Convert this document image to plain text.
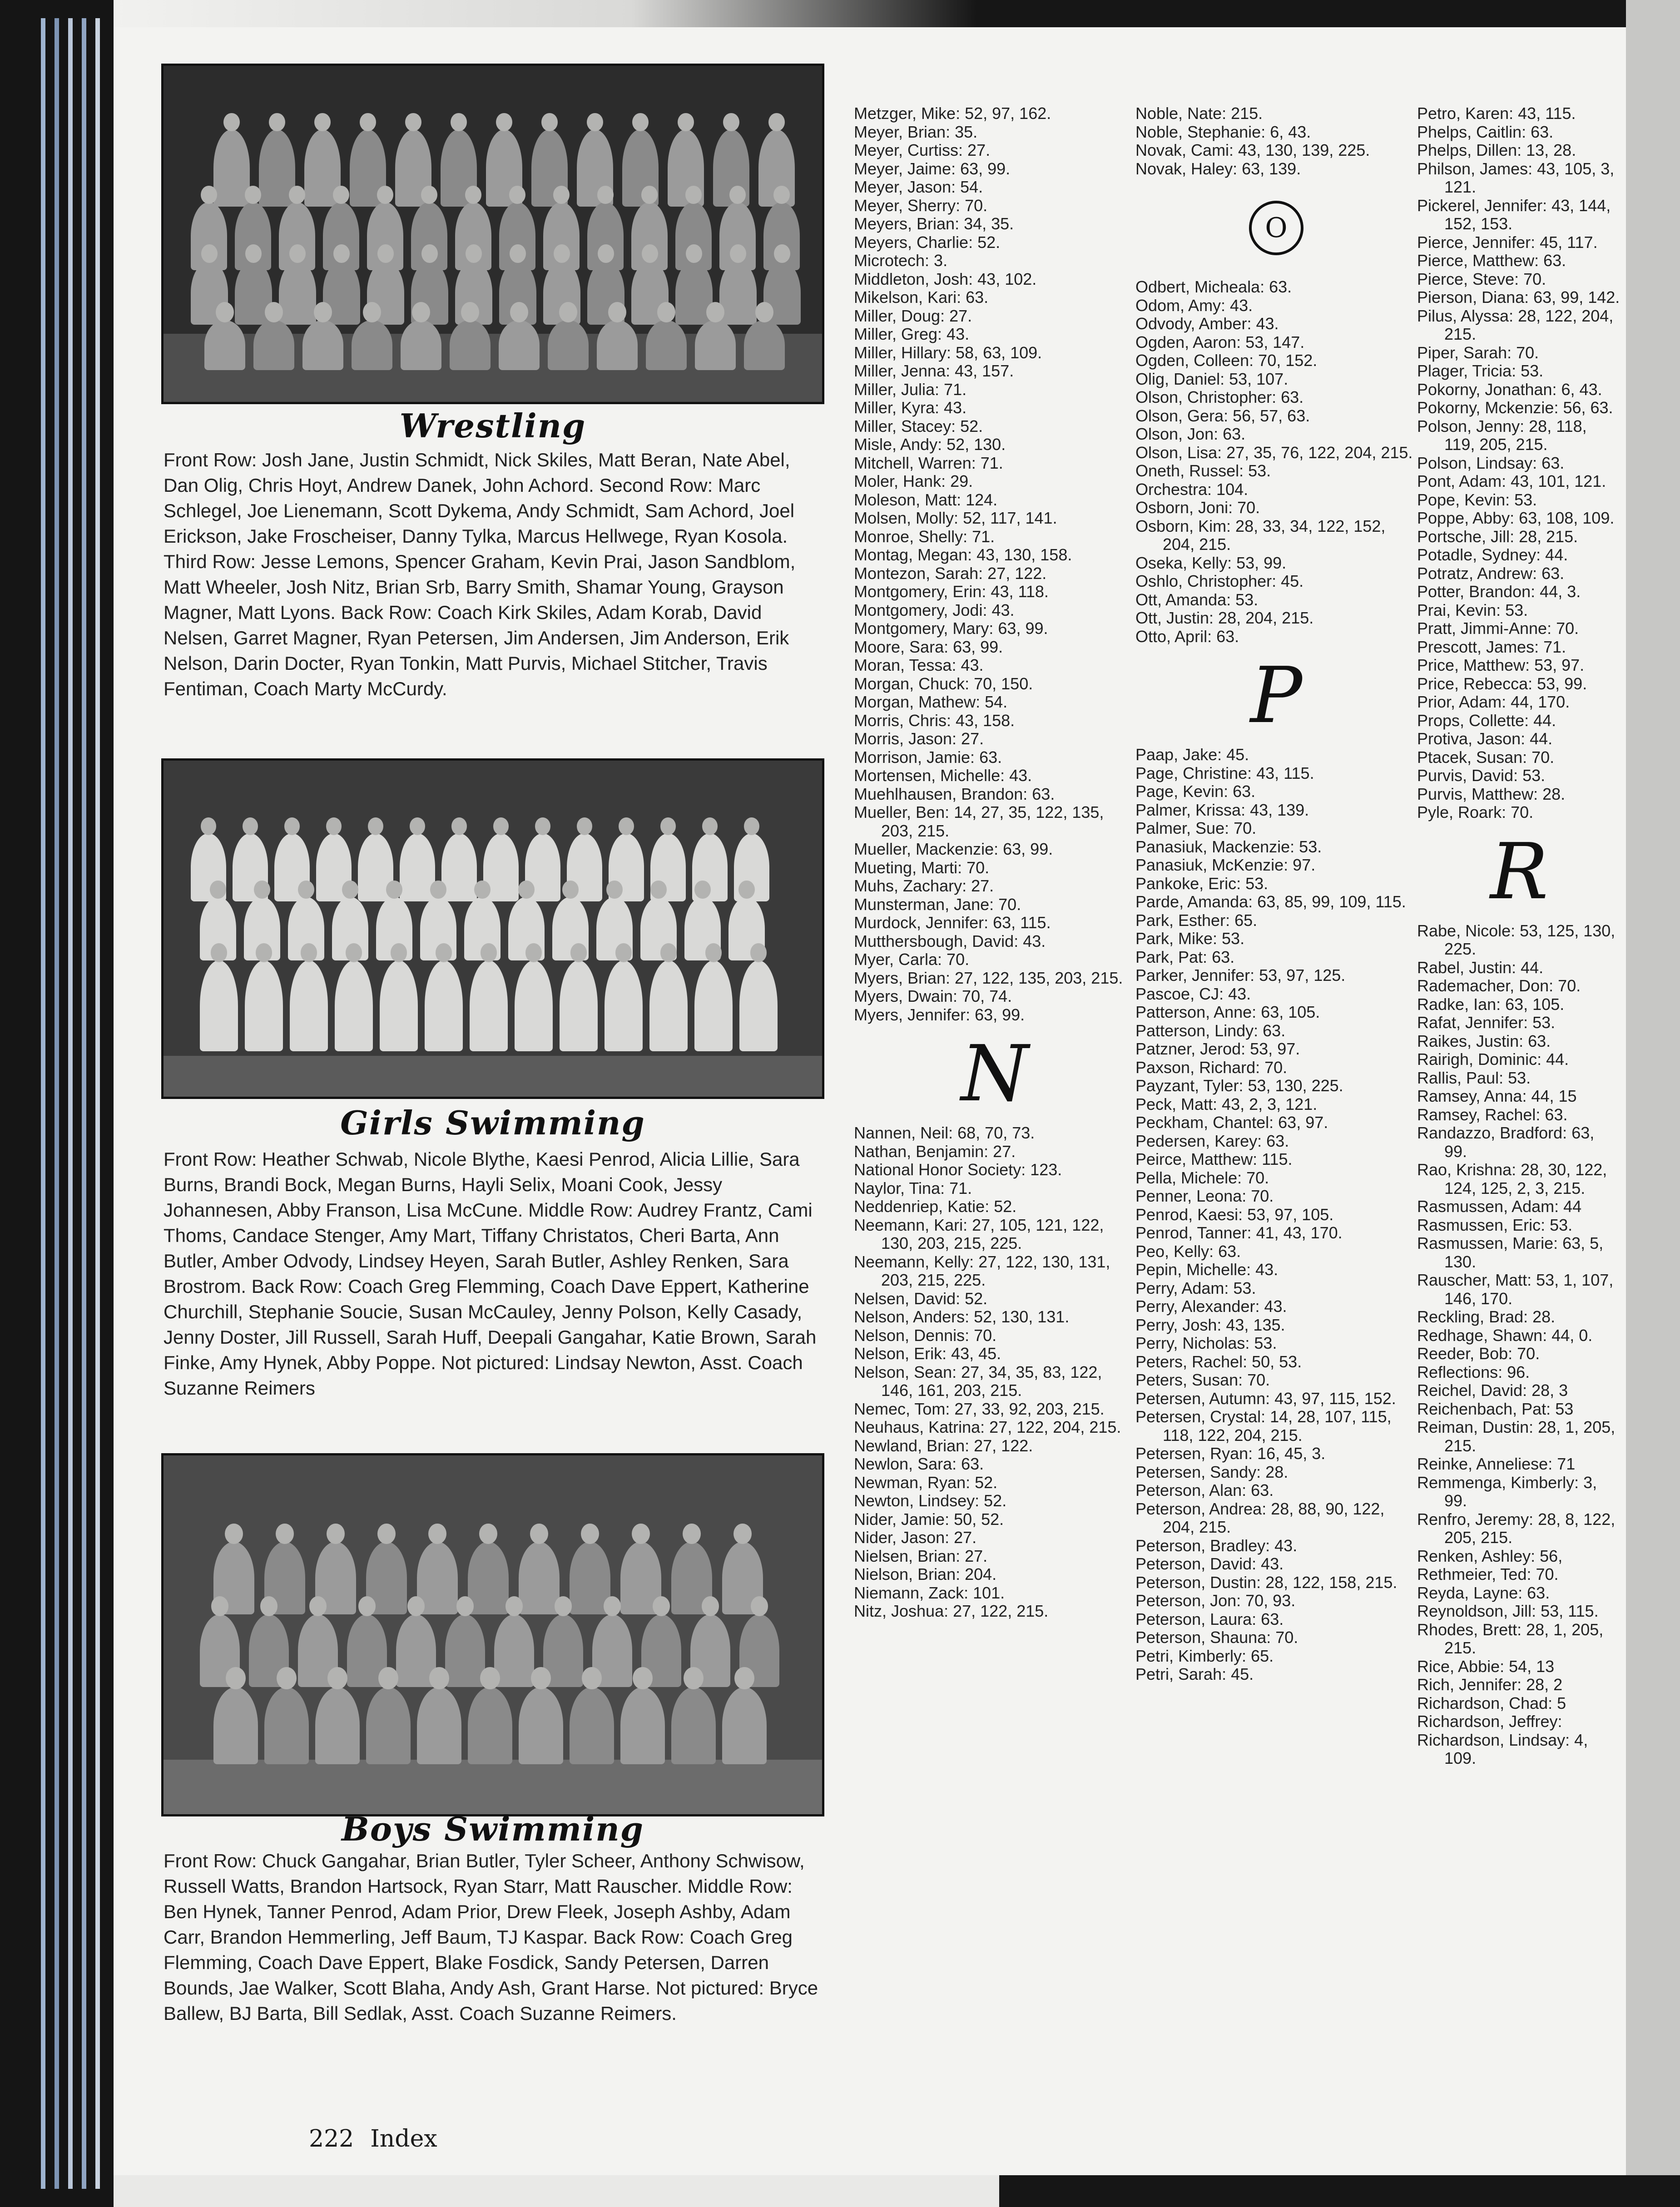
Wrestling
Front Row: Josh Jane, Justin Schmidt, Nick Skiles, Matt Beran, Nate Abel, Dan Olig, Chris Hoyt, Andrew Danek, John Achord. Second Row: Marc Schlegel, Joe Lienemann, Scott Dykema, Andy Schmidt, Sam Achord, Joel Erickson, Jake Froscheiser, Danny Tylka, Marcus Hellwege, Ryan Kosola. Third Row: Jesse Lemons, Spencer Graham, Kevin Prai, Jason Sandblom, Matt Wheeler, Josh Nitz, Brian Srb, Barry Smith, Shamar Young, Grayson Magner, Matt Lyons. Back Row: Coach Kirk Skiles, Adam Korab, David Nelsen, Garret Magner, Ryan Petersen, Jim Andersen, Jim Anderson, Erik Nelson, Darin Docter, Ryan Tonkin, Matt Purvis, Michael Stitcher, Travis Fentiman, Coach Marty McCurdy.
Girls Swimming
Front Row: Heather Schwab, Nicole Blythe, Kaesi Penrod, Alicia Lillie, Sara Burns, Brandi Bock, Megan Burns, Hayli Selix, Moani Cook, Jessy Johannesen, Abby Franson, Lisa McCune. Middle Row: Audrey Frantz, Cami Thoms, Candace Stenger, Amy Mart, Tiffany Christatos, Cheri Barta, Ann Butler, Amber Odvody, Lindsey Heyen, Sarah Butler, Ashley Renken, Sara Brostrom. Back Row: Coach Greg Flemming, Coach Dave Eppert, Katherine Churchill, Stephanie Soucie, Susan McCauley, Jenny Polson, Kelly Casady, Jenny Doster, Jill Russell, Sarah Huff, Deepali Gangahar, Katie Brown, Sarah Finke, Amy Hynek, Abby Poppe. Not pictured: Lindsay Newton, Asst. Coach Suzanne Reimers
Boys Swimming
Front Row: Chuck Gangahar, Brian Butler, Tyler Scheer, Anthony Schwisow, Russell Watts, Brandon Hartsock, Ryan Starr, Matt Rauscher. Middle Row: Ben Hynek, Tanner Penrod, Adam Prior, Drew Fleek, Joseph Ashby, Adam Carr, Brandon Hemmerling, Jeff Baum, TJ Kaspar. Back Row: Coach Greg Flemming, Coach Dave Eppert, Blake Fosdick, Sandy Petersen, Darren Bounds, Jae Walker, Scott Blaha, Andy Ash, Grant Harse. Not pictured: Bryce Ballew, BJ Barta, Bill Sedlak, Asst. Coach Suzanne Reimers.
Metzger, Mike: 52, 97, 162.
Meyer, Brian: 35.
Meyer, Curtiss: 27.
Meyer, Jaime: 63, 99.
Meyer, Jason: 54.
Meyer, Sherry: 70.
Meyers, Brian: 34, 35.
Meyers, Charlie: 52.
Microtech: 3.
Middleton, Josh: 43, 102.
Mikelson, Kari: 63.
Miller, Doug: 27.
Miller, Greg: 43.
Miller, Hillary: 58, 63, 109.
Miller, Jenna: 43, 157.
Miller, Julia: 71.
Miller, Kyra: 43.
Miller, Stacey: 52.
Misle, Andy: 52, 130.
Mitchell, Warren: 71.
Moler, Hank: 29.
Moleson, Matt: 124.
Molsen, Molly: 52, 117, 141.
Monroe, Shelly: 71.
Montag, Megan: 43, 130, 158.
Montezon, Sarah: 27, 122.
Montgomery, Erin: 43, 118.
Montgomery, Jodi: 43.
Montgomery, Mary: 63, 99.
Moore, Sara: 63, 99.
Moran, Tessa: 43.
Morgan, Chuck: 70, 150.
Morgan, Mathew: 54.
Morris, Chris: 43, 158.
Morris, Jason: 27.
Morrison, Jamie: 63.
Mortensen, Michelle: 43.
Muehlhausen, Brandon: 63.
Mueller, Ben: 14, 27, 35, 122, 135, 203, 215.
Mueller, Mackenzie: 63, 99.
Mueting, Marti: 70.
Muhs, Zachary: 27.
Munsterman, Jane: 70.
Murdock, Jennifer: 63, 115.
Mutthersbough, David: 43.
Myer, Carla: 70.
Myers, Brian: 27, 122, 135, 203, 215.
Myers, Dwain: 70, 74.
Myers, Jennifer: 63, 99.
N
Nannen, Neil: 68, 70, 73.
Nathan, Benjamin: 27.
National Honor Society: 123.
Naylor, Tina: 71.
Neddenriep, Katie: 52.
Neemann, Kari: 27, 105, 121, 122, 130, 203, 215, 225.
Neemann, Kelly: 27, 122, 130, 131, 203, 215, 225.
Nelsen, David: 52.
Nelson, Anders: 52, 130, 131.
Nelson, Dennis: 70.
Nelson, Erik: 43, 45.
Nelson, Sean: 27, 34, 35, 83, 122, 146, 161, 203, 215.
Nemec, Tom: 27, 33, 92, 203, 215.
Neuhaus, Katrina: 27, 122, 204, 215.
Newland, Brian: 27, 122.
Newlon, Sara: 63.
Newman, Ryan: 52.
Newton, Lindsey: 52.
Nider, Jamie: 50, 52.
Nider, Jason: 27.
Nielsen, Brian: 27.
Nielson, Brian: 204.
Niemann, Zack: 101.
Nitz, Joshua: 27, 122, 215.
Noble, Nate: 215.
Noble, Stephanie: 6, 43.
Novak, Cami: 43, 130, 139, 225.
Novak, Haley: 63, 139.
O
Odbert, Micheala: 63.
Odom, Amy: 43.
Odvody, Amber: 43.
Ogden, Aaron: 53, 147.
Ogden, Colleen: 70, 152.
Olig, Daniel: 53, 107.
Olson, Christopher: 63.
Olson, Gera: 56, 57, 63.
Olson, Jon: 63.
Olson, Lisa: 27, 35, 76, 122, 204, 215.
Oneth, Russel: 53.
Orchestra: 104.
Osborn, Joni: 70.
Osborn, Kim: 28, 33, 34, 122, 152, 204, 215.
Oseka, Kelly: 53, 99.
Oshlo, Christopher: 45.
Ott, Amanda: 53.
Ott, Justin: 28, 204, 215.
Otto, April: 63.
P
Paap, Jake: 45.
Page, Christine: 43, 115.
Page, Kevin: 63.
Palmer, Krissa: 43, 139.
Palmer, Sue: 70.
Panasiuk, Mackenzie: 53.
Panasiuk, McKenzie: 97.
Pankoke, Eric: 53.
Parde, Amanda: 63, 85, 99, 109, 115.
Park, Esther: 65.
Park, Mike: 53.
Park, Pat: 63.
Parker, Jennifer: 53, 97, 125.
Pascoe, CJ: 43.
Patterson, Anne: 63, 105.
Patterson, Lindy: 63.
Patzner, Jerod: 53, 97.
Paxson, Richard: 70.
Payzant, Tyler: 53, 130, 225.
Peck, Matt: 43, 2, 3, 121.
Peckham, Chantel: 63, 97.
Pedersen, Karey: 63.
Peirce, Matthew: 115.
Pella, Michele: 70.
Penner, Leona: 70.
Penrod, Kaesi: 53, 97, 105.
Penrod, Tanner: 41, 43, 170.
Peo, Kelly: 63.
Pepin, Michelle: 43.
Perry, Adam: 53.
Perry, Alexander: 43.
Perry, Josh: 43, 135.
Perry, Nicholas: 53.
Peters, Rachel: 50, 53.
Peters, Susan: 70.
Petersen, Autumn: 43, 97, 115, 152.
Petersen, Crystal: 14, 28, 107, 115, 118, 122, 204, 215.
Petersen, Ryan: 16, 45, 3.
Petersen, Sandy: 28.
Peterson, Alan: 63.
Peterson, Andrea: 28, 88, 90, 122, 204, 215.
Peterson, Bradley: 43.
Peterson, David: 43.
Peterson, Dustin: 28, 122, 158, 215.
Peterson, Jon: 70, 93.
Peterson, Laura: 63.
Peterson, Shauna: 70.
Petri, Kimberly: 65.
Petri, Sarah: 45.
Petro, Karen: 43, 115.
Phelps, Caitlin: 63.
Phelps, Dillen: 13, 28.
Philson, James: 43, 105, 3, 121.
Pickerel, Jennifer: 43, 144, 152, 153.
Pierce, Jennifer: 45, 117.
Pierce, Matthew: 63.
Pierce, Steve: 70.
Pierson, Diana: 63, 99, 142.
Pilus, Alyssa: 28, 122, 204, 215.
Piper, Sarah: 70.
Plager, Tricia: 53.
Pokorny, Jonathan: 6, 43.
Pokorny, Mckenzie: 56, 63.
Polson, Jenny: 28, 118, 119, 205, 215.
Polson, Lindsay: 63.
Pont, Adam: 43, 101, 121.
Pope, Kevin: 53.
Poppe, Abby: 63, 108, 109.
Portsche, Jill: 28, 215.
Potadle, Sydney: 44.
Potratz, Andrew: 63.
Potter, Brandon: 44, 3.
Prai, Kevin: 53.
Pratt, Jimmi-Anne: 70.
Prescott, James: 71.
Price, Matthew: 53, 97.
Price, Rebecca: 53, 99.
Prior, Adam: 44, 170.
Props, Collette: 44.
Protiva, Jason: 44.
Ptacek, Susan: 70.
Purvis, David: 53.
Purvis, Matthew: 28.
Pyle, Roark: 70.
R
Rabe, Nicole: 53, 125, 130, 225.
Rabel, Justin: 44.
Rademacher, Don: 70.
Radke, Ian: 63, 105.
Rafat, Jennifer: 53.
Raikes, Justin: 63.
Rairigh, Dominic: 44.
Rallis, Paul: 53.
Ramsey, Anna: 44, 15
Ramsey, Rachel: 63.
Randazzo, Bradford: 63, 99.
Rao, Krishna: 28, 30, 122, 124, 125, 2, 3, 215.
Rasmussen, Adam: 44
Rasmussen, Eric: 53.
Rasmussen, Marie: 63, 5, 130.
Rauscher, Matt: 53, 1, 107, 146, 170.
Reckling, Brad: 28.
Redhage, Shawn: 44, 0.
Reeder, Bob: 70.
Reflections: 96.
Reichel, David: 28, 3
Reichenbach, Pat: 53
Reiman, Dustin: 28, 1, 205, 215.
Reinke, Anneliese: 71
Remmenga, Kimberly: 3, 99.
Renfro, Jeremy: 28, 8, 122, 205, 215.
Renken, Ashley: 56,
Rethmeier, Ted: 70.
Reyda, Layne: 63.
Reynoldson, Jill: 53, 115.
Rhodes, Brett: 28, 1, 205, 215.
Rice, Abbie: 54, 13
Rich, Jennifer: 28, 2
Richardson, Chad: 5
Richardson, Jeffrey:
Richardson, Lindsay: 4, 109.
222 Index
